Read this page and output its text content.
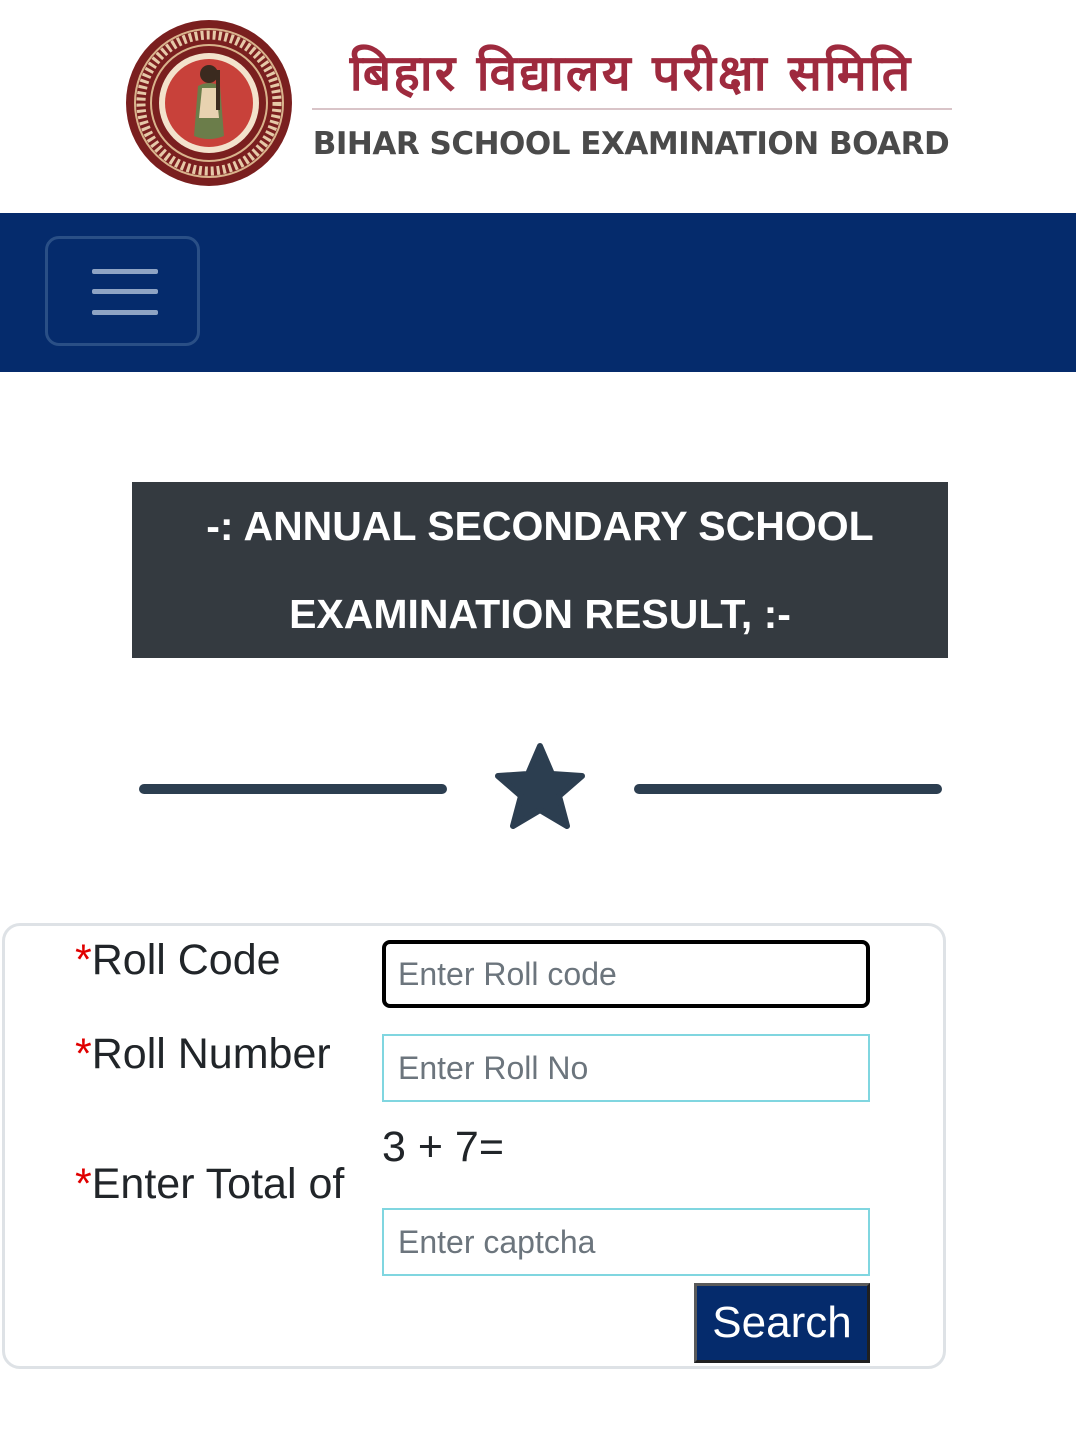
बिहार विद्यालय परीक्षा समिति
BIHAR SCHOOL EXAMINATION BOARD
-: ANNUAL SECONDARY SCHOOL
EXAMINATION RESULT, :-
*Roll Code
Enter Roll code
*Roll Number
Enter Roll No
*Enter Total of
3 + 7=
Enter captcha
Search
